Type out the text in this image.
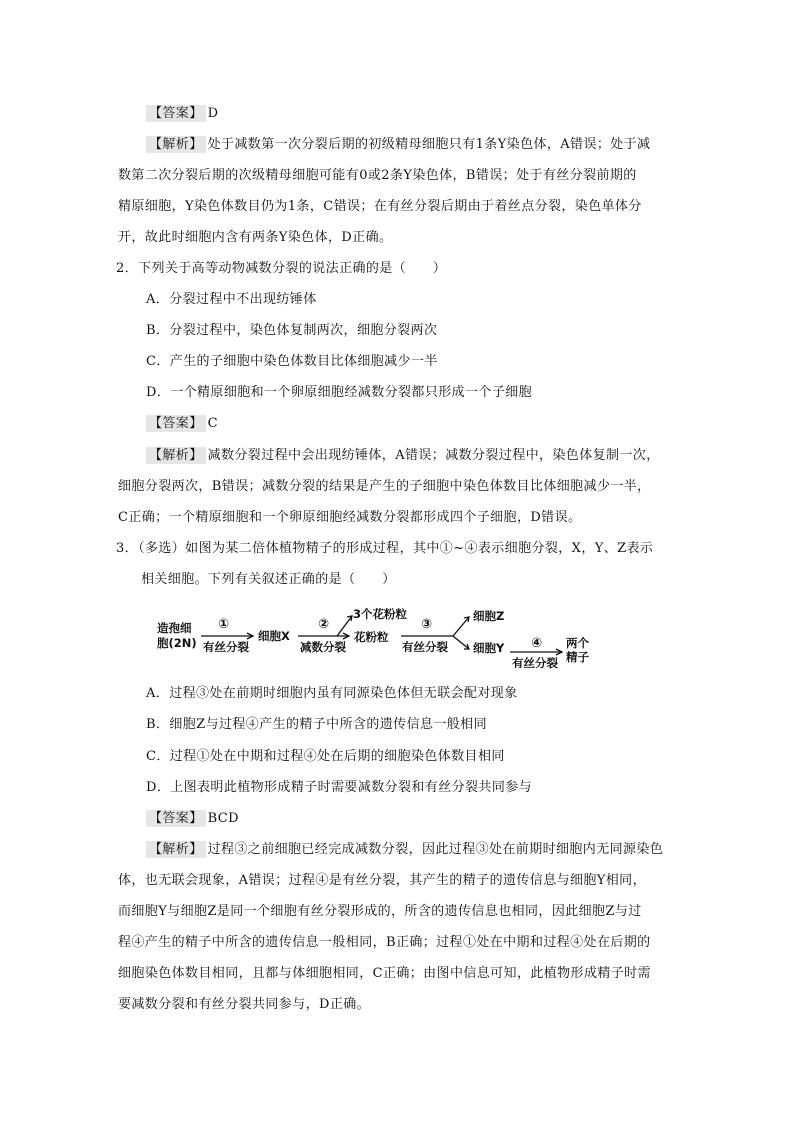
【答案】 D
【解析】 处于减数第一次分裂后期的初级精母细胞只有1条Y染色体，A错误；处于减
数第二次分裂后期的次级精母细胞可能有0或2条Y染色体，B错误；处于有丝分裂前期的
精原细胞，Y染色体数目仍为1条，C错误；在有丝分裂后期由于着丝点分裂，染色单体分
开，故此时细胞内含有两条Y染色体，D正确。
2．下列关于高等动物减数分裂的说法正确的是（　　）
A．分裂过程中不出现纺锤体
B．分裂过程中，染色体复制两次，细胞分裂两次
C．产生的子细胞中染色体数目比体细胞减少一半
D．一个精原细胞和一个卵原细胞经减数分裂都只形成一个子细胞
【答案】 C
【解析】 减数分裂过程中会出现纺锤体，A错误；减数分裂过程中，染色体复制一次，
细胞分裂两次，B错误；减数分裂的结果是产生的子细胞中染色体数目比体细胞减少一半，
C正确；一个精原细胞和一个卵原细胞经减数分裂都形成四个子细胞，D错误。
3．（多选）如图为某二倍体植物精子的形成过程，其中①~④表示细胞分裂，X，Y、Z表示
相关细胞。下列有关叙述正确的是（　　）
造孢细
胞(2N)
①
有丝分裂
细胞X
②
减数分裂
3个花粉粒
花粉粒
③
有丝分裂
细胞Z
细胞Y ④
有丝分裂
两个
精子
A．过程③处在前期时细胞内虽有同源染色体但无联会配对现象
B．细胞Z与过程④产生的精子中所含的遗传信息一般相同
C．过程①处在中期和过程④处在后期的细胞染色体数目相同
D．上图表明此植物形成精子时需要减数分裂和有丝分裂共同参与
【答案】 BCD
【解析】 过程③之前细胞已经完成减数分裂，因此过程③处在前期时细胞内无同源染色
体，也无联会现象，A错误；过程④是有丝分裂，其产生的精子的遗传信息与细胞Y相同，
而细胞Y与细胞Z是同一个细胞有丝分裂形成的，所含的遗传信息也相同，因此细胞Z与过
程④产生的精子中所含的遗传信息一般相同，B正确；过程①处在中期和过程④处在后期的
细胞染色体数目相同，且都与体细胞相同，C正确；由图中信息可知，此植物形成精子时需
要减数分裂和有丝分裂共同参与，D正确。
